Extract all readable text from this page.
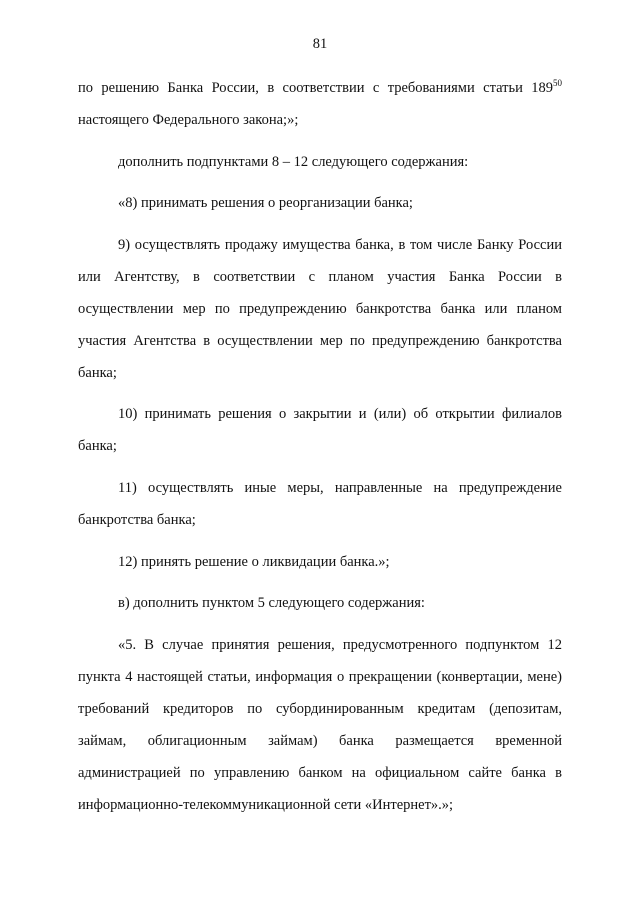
81

по решению Банка России, в соответствии с требованиями статьи $189^{50}$ настоящего Федерального закона;»;

дополнить подпунктами 8 – 12 следующего содержания:

«8) принимать решения о реорганизации банка;

9) осуществлять продажу имущества банка, в том числе Банку России или Агентству, в соответствии с планом участия Банка России в осуществлении мер по предупреждению банкротства банка или планом участия Агентства в осуществлении мер по предупреждению банкротства банка;

10) принимать решения о закрытии и (или) об открытии филиалов банка;

11) осуществлять иные меры, направленные на предупреждение банкротства банка;

12) принять решение о ликвидации банка.»;

в) дополнить пунктом 5 следующего содержания:

«5. В случае принятия решения, предусмотренного подпунктом 12 пункта 4 настоящей статьи, информация о прекращении (конвертации, мене) требований кредиторов по субординированным кредитам (депозитам, займам, облигационным займам) банка размещается временной администрацией по управлению банком на официальном сайте банка в информационно-телекоммуникационной сети «Интернет».»;
